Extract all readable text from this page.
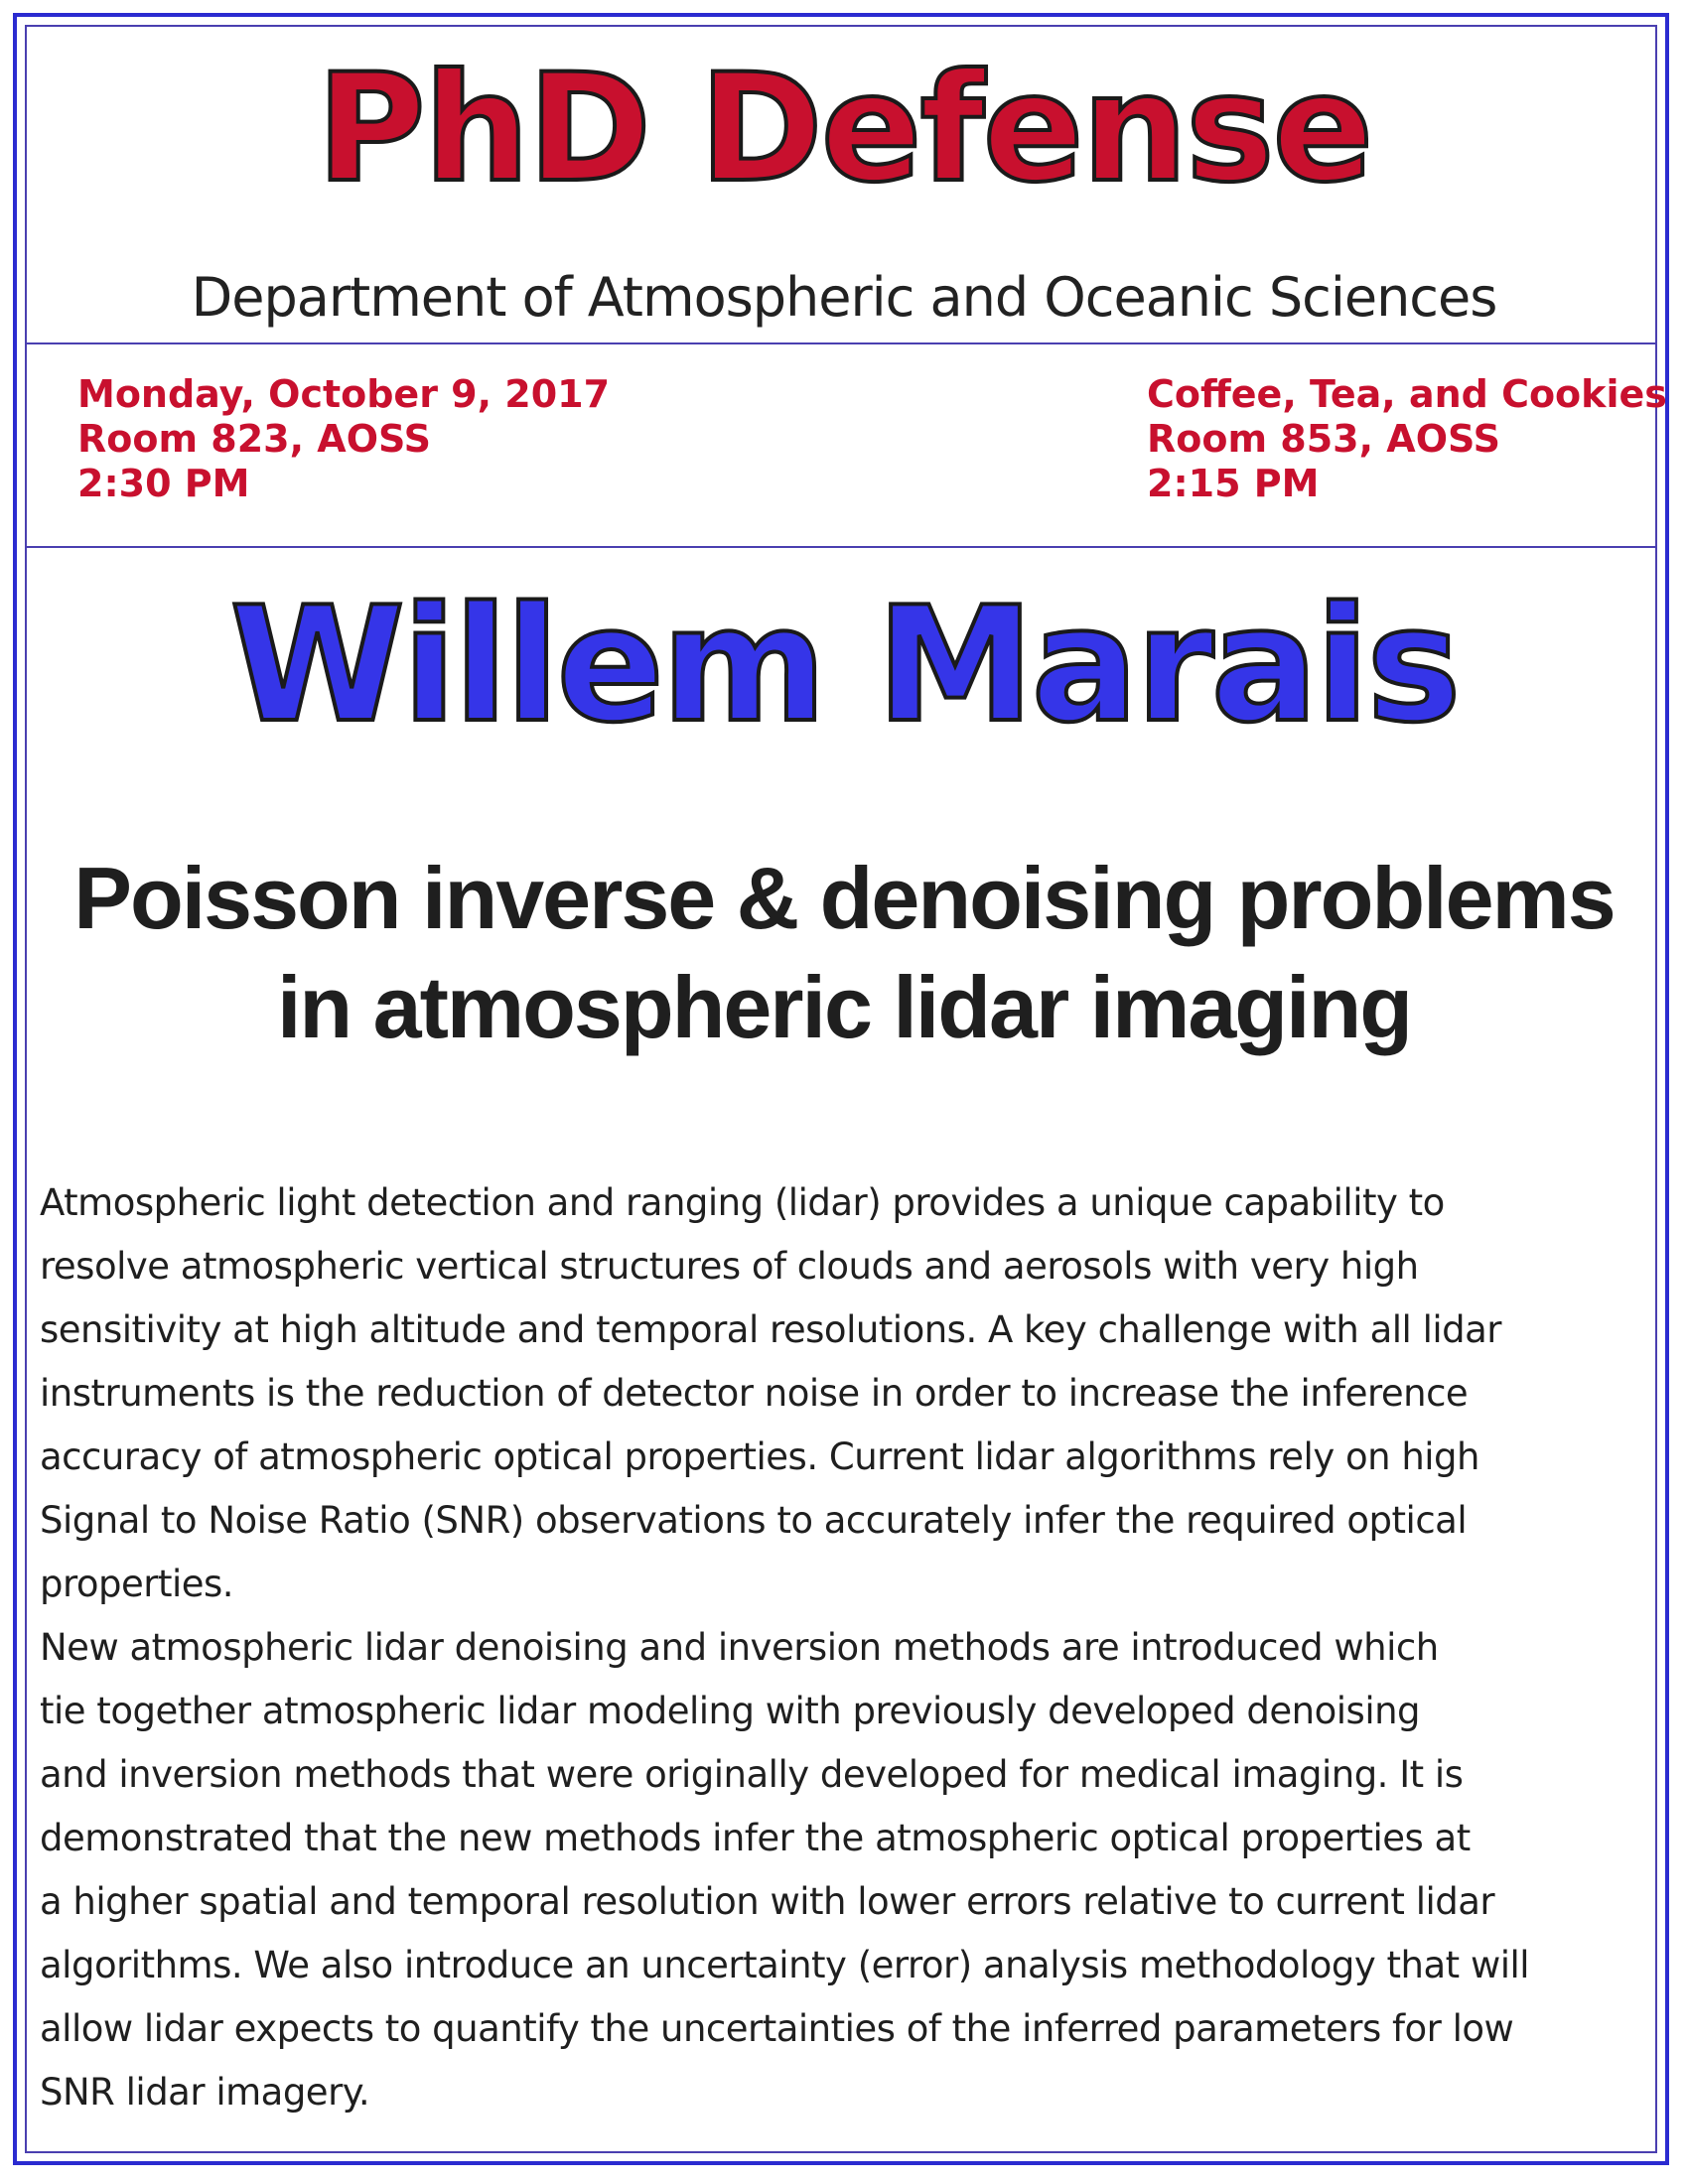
PhD Defense
Department of Atmospheric and Oceanic Sciences
Monday, October 9, 2017
Room 823, AOSS
2:30 PM
Coffee, Tea, and Cookies
Room 853, AOSS
2:15 PM
Willem Marais
Poisson inverse & denoising problems
in atmospheric lidar imaging
Atmospheric light detection and ranging (lidar) provides a unique capability to
resolve atmospheric vertical structures of clouds and aerosols with very high
sensitivity at high altitude and temporal resolutions. A key challenge with all lidar
instruments is the reduction of detector noise in order to increase the inference
accuracy of atmospheric optical properties. Current lidar algorithms rely on high
Signal to Noise Ratio (SNR) observations to accurately infer the required optical
properties.
New atmospheric lidar denoising and inversion methods are introduced which
tie together atmospheric lidar modeling with previously developed denoising
and inversion methods that were originally developed for medical imaging. It is
demonstrated that the new methods infer the atmospheric optical properties at
a higher spatial and temporal resolution with lower errors relative to current lidar
algorithms. We also introduce an uncertainty (error) analysis methodology that will
allow lidar expects to quantify the uncertainties of the inferred parameters for low
SNR lidar imagery.
